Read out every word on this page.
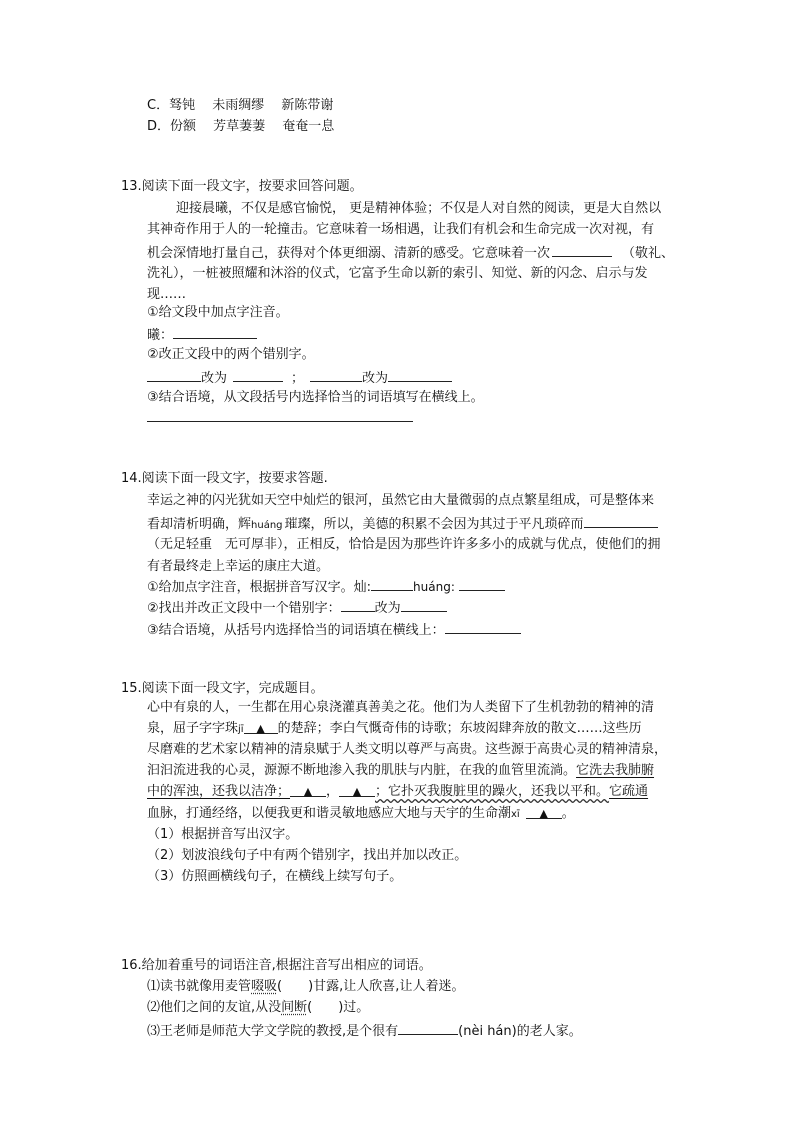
C．驽钝　 未雨绸缪　 新陈带谢
D．份额　 芳草萋萋　 奄奄一息
13.阅读下面一段文字，按要求回答问题。
迎接晨曦，不仅是感官愉悦， 更是精神体验；不仅是人对自然的阅读，更是大自然以
其神奇作用于人的一轮撞击。它意味着一场相遇，让我们有机会和生命完成一次对视，有
机会深情地打量自己，获得对个体更细溺、清新的感受。它意味着一次	（敬礼、
洗礼），一桩被照耀和沐浴的仪式，它富予生命以新的索引、知觉、新的闪念、启示与发
现……
①给文段中加点字注音。
曦：
②改正文段中的两个错别字。
改为	；	改为
③结合语境，从文段括号内选择恰当的词语填写在横线上。
14.阅读下面一段文字，按要求答题.
幸运之神的闪光犹如天空中灿烂的银河，虽然它由大量微弱的点点繁星组成，可是整体来
看却清析明确，辉huáng 璀璨，所以，美德的积累不会因为其过于平凡琐碎而
（无足轻重　无可厚非），正相反，恰恰是因为那些许许多多小的成就与优点，使他们的拥
有者最终走上幸运的康庄大道。
①给加点字注音，根据拼音写汉字。灿:	huáng:
②找出并改正文段中一个错别字：	改为
③结合语境，从括号内选择恰当的词语填在横线上：
15.阅读下面一段文字，完成题目。
心中有泉的人，一生都在用心泉浇灌真善美之花。他们为人类留下了生机勃勃的精神的清
泉，屈子字字珠jī ▲ 的楚辞；李白气慨奇伟的诗歌；东坡闳肆奔放的散文……这些历
尽磨难的艺术家以精神的清泉赋于人类文明以尊严与高贵。这些源于高贵心灵的精神清泉，
汩汩流进我的心灵，源源不断地渗入我的肌肤与内脏，在我的血管里流淌。它洗去我肺腑
中的浑浊，还我以洁净； ▲ ， ▲ ；它扑灭我腹脏里的躁火，还我以平和。它疏通
血脉，打通经络，以便我更和谐灵敏地感应大地与天宇的生命潮xī ▲ 。
（1）根据拼音写出汉字。
（2）划波浪线句子中有两个错别字，找出并加以改正。
（3）仿照画横线句子，在横线上续写句子。
16.给加着重号的词语注音,根据注音写出相应的词语。
⑴读书就像用麦管啜吸(　　)甘露,让人欣喜,让人着迷。
⑵他们之间的友谊,从没间断(　　)过。
⑶王老师是师范大学文学院的教授,是个很有	(nèi hán)的老人家。
